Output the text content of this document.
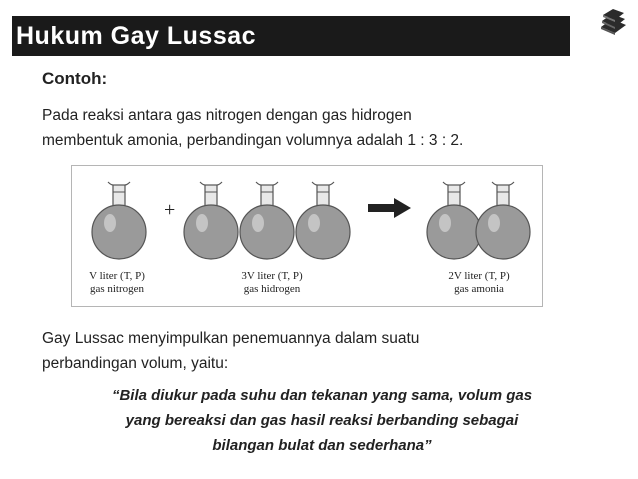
Hukum Gay Lussac

Contoh:

Pada reaksi antara gas nitrogen dengan gas hidrogen
membentuk amonia, perbandingan volumnya adalah 1 : 3 : 2.
+
V liter (T, P)
gas nitrogen
3V liter (T, P)
gas hidrogen
2V liter (T, P)
gas amonia
Gay Lussac menyimpulkan penemuannya dalam suatu
perbandingan volum, yaitu:
“Bila diukur pada suhu dan tekanan yang sama, volum gas
yang bereaksi dan gas hasil reaksi berbanding sebagai
bilangan bulat dan sederhana”
